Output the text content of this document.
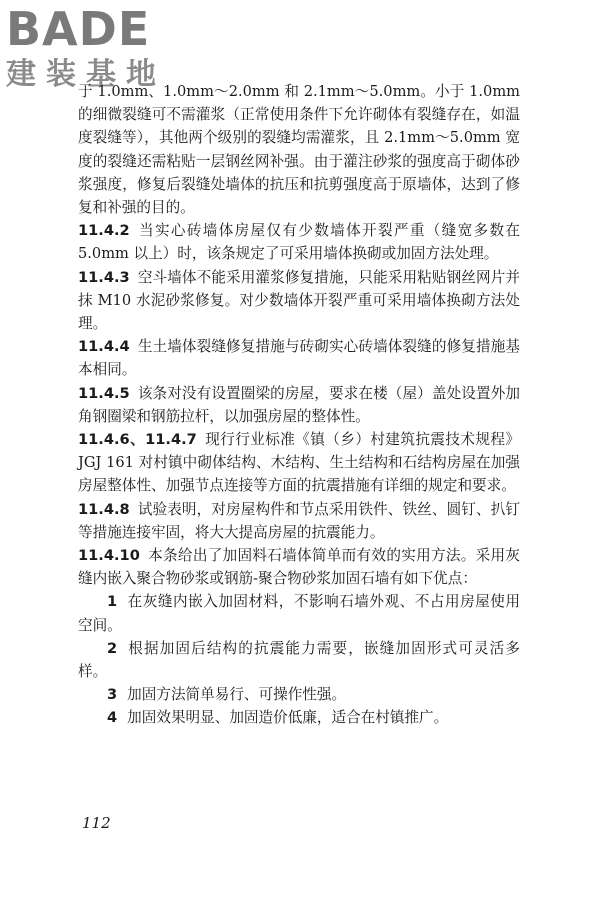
BADE
建装基地

于 1.0mm、1.0mm～2.0mm 和 2.1mm～5.0mm。小于 1.0mm 的细微裂缝可不需灌浆（正常使用条件下允许砌体有裂缝存在，如温度裂缝等），其他两个级别的裂缝均需灌浆，且 2.1mm～5.0mm 宽度的裂缝还需粘贴一层钢丝网补强。由于灌注砂浆的强度高于砌体砂浆强度，修复后裂缝处墙体的抗压和抗剪强度高于原墙体，达到了修复和补强的目的。

11.4.2 当实心砖墙体房屋仅有少数墙体开裂严重（缝宽多数在 5.0mm 以上）时，该条规定了可采用墙体换砌或加固方法处理。

11.4.3 空斗墙体不能采用灌浆修复措施，只能采用粘贴钢丝网片并抹 M10 水泥砂浆修复。对少数墙体开裂严重可采用墙体换砌方法处理。

11.4.4 生土墙体裂缝修复措施与砖砌实心砖墙体裂缝的修复措施基本相同。

11.4.5 该条对没有设置圈梁的房屋，要求在楼（屋）盖处设置外加角钢圈梁和钢筋拉杆，以加强房屋的整体性。

11.4.6、11.4.7 现行行业标准《镇（乡）村建筑抗震技术规程》JGJ 161 对村镇中砌体结构、木结构、生土结构和石结构房屋在加强房屋整体性、加强节点连接等方面的抗震措施有详细的规定和要求。

11.4.8 试验表明，对房屋构件和节点采用铁件、铁丝、圆钉、扒钉等措施连接牢固，将大大提高房屋的抗震能力。

11.4.10 本条给出了加固料石墙体简单而有效的实用方法。采用灰缝内嵌入聚合物砂浆或钢筋-聚合物砂浆加固石墙有如下优点：

1 在灰缝内嵌入加固材料，不影响石墙外观、不占用房屋使用空间。

2 根据加固后结构的抗震能力需要，嵌缝加固形式可灵活多样。

3 加固方法简单易行、可操作性强。

4 加固效果明显、加固造价低廉，适合在村镇推广。

112
